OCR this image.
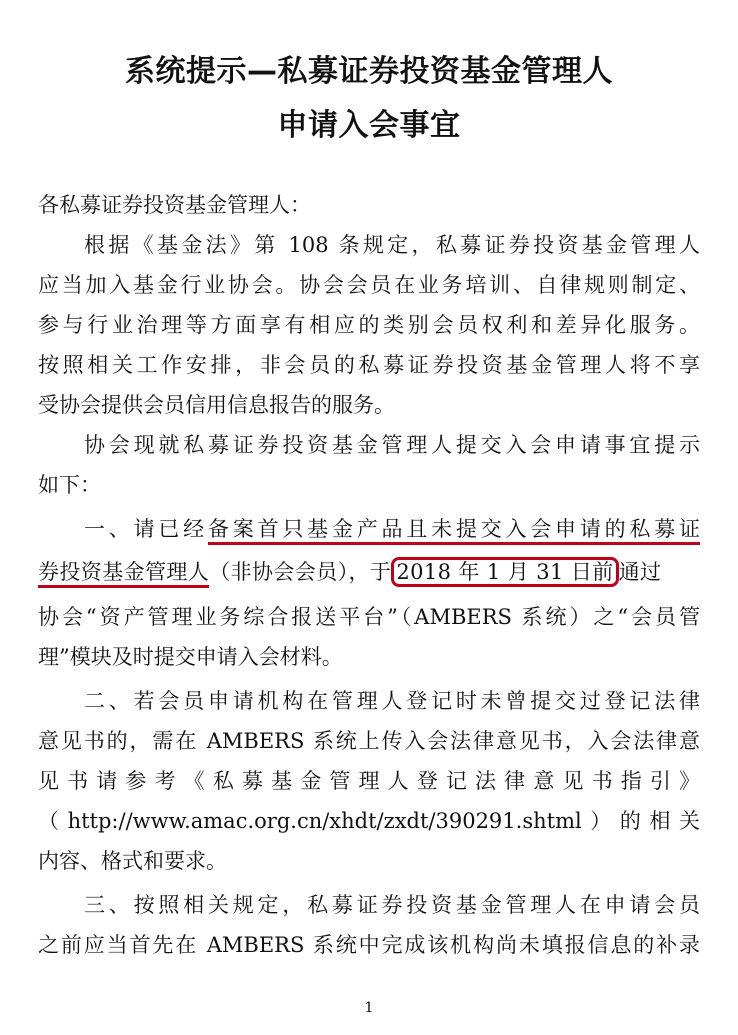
系统提示—私募证券投资基金管理人
申请入会事宜
各私募证券投资基金管理人：
根据《基金法》第 108 条规定，私募证券投资基金管理人
应当加入基金行业协会。协会会员在业务培训、自律规则制定、
参与行业治理等方面享有相应的类别会员权利和差异化服务。
按照相关工作安排，非会员的私募证券投资基金管理人将不享
受协会提供会员信用信息报告的服务。
协会现就私募证券投资基金管理人提交入会申请事宜提示
如下：
一、请已经备案首只基金产品且未提交入会申请的私募证
券投资基金管理人（非协会会员），于 2018 年 1 月 31 日前 通过
协会“资产管理业务综合报送平台”（AMBERS 系统）之“会员管
理”模块及时提交申请入会材料。
二、若会员申请机构在管理人登记时未曾提交过登记法律
意见书的，需在 AMBERS 系统上传入会法律意见书，入会法律意
见书请参考《私募基金管理人登记法律意见书指引》
（http://www.amac.org.cn/xhdt/zxdt/390291.shtml）的相关
内容、格式和要求。
三、按照相关规定，私募证券投资基金管理人在申请会员
之前应当首先在 AMBERS 系统中完成该机构尚未填报信息的补录
1
